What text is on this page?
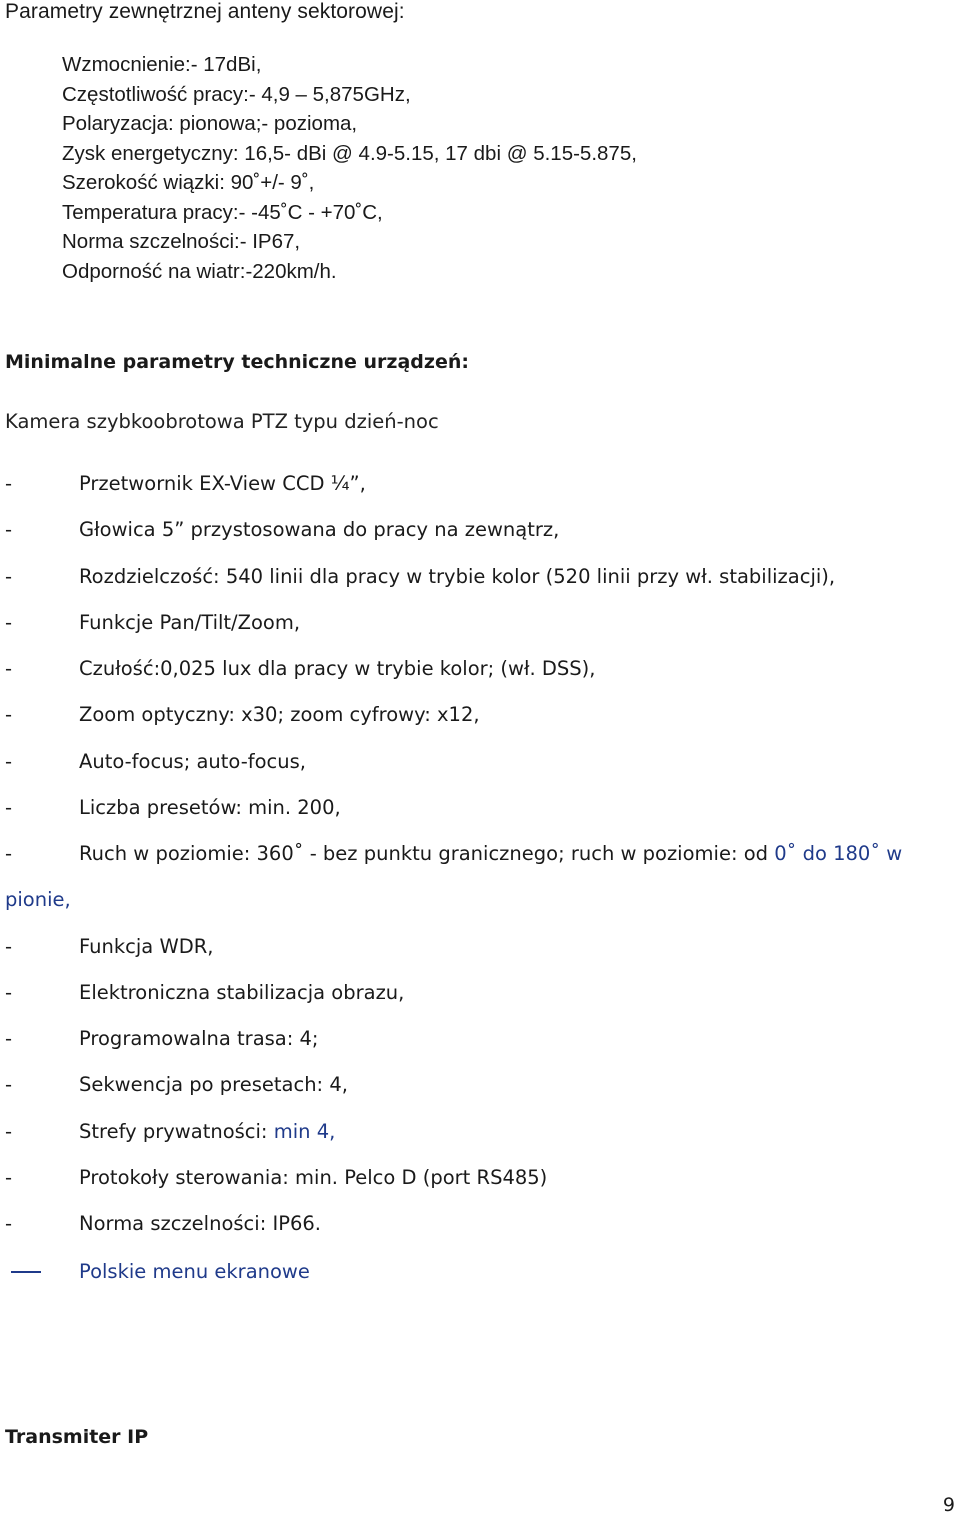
Parametry zewnętrznej anteny sektorowej:
Wzmocnienie:- 17dBi,
Częstotliwość pracy:- 4,9 – 5,875GHz,
Polaryzacja: pionowa;- pozioma,
Zysk energetyczny: 16,5- dBi @ 4.9-5.15, 17 dbi @ 5.15-5.875,
Szerokość wiązki: 90˚+/- 9˚,
Temperatura pracy:- -45˚C - +70˚C,
Norma szczelności:- IP67,
Odporność na wiatr:-220km/h.
Minimalne parametry techniczne urządzeń:
Kamera szybkoobrotowa PTZ typu dzień-noc
-	Przetwornik EX-View CCD ¼”,
-	Głowica 5” przystosowana do pracy na zewnątrz,
-	Rozdzielczość: 540 linii dla pracy w trybie kolor (520 linii przy wł. stabilizacji),
-	Funkcje Pan/Tilt/Zoom,
-	Czułość:0,025 lux dla pracy w trybie kolor; (wł. DSS),
-	Zoom optyczny: x30; zoom cyfrowy: x12,
-	Auto-focus; auto-focus,
-	Liczba presetów: min. 200,
-	Ruch w poziomie: 360˚ - bez punktu granicznego; ruch w poziomie: od 0˚ do 180˚ w
pionie,
-	Funkcja WDR,
-	Elektroniczna stabilizacja obrazu,
-	Programowalna trasa: 4;
-	Sekwencja po presetach: 4,
-	Strefy prywatności: min 4,
-	Protokoły sterowania: min. Pelco D (port RS485)
-	Norma szczelności: IP66.
Polskie menu ekranowe
Transmiter IP
9
